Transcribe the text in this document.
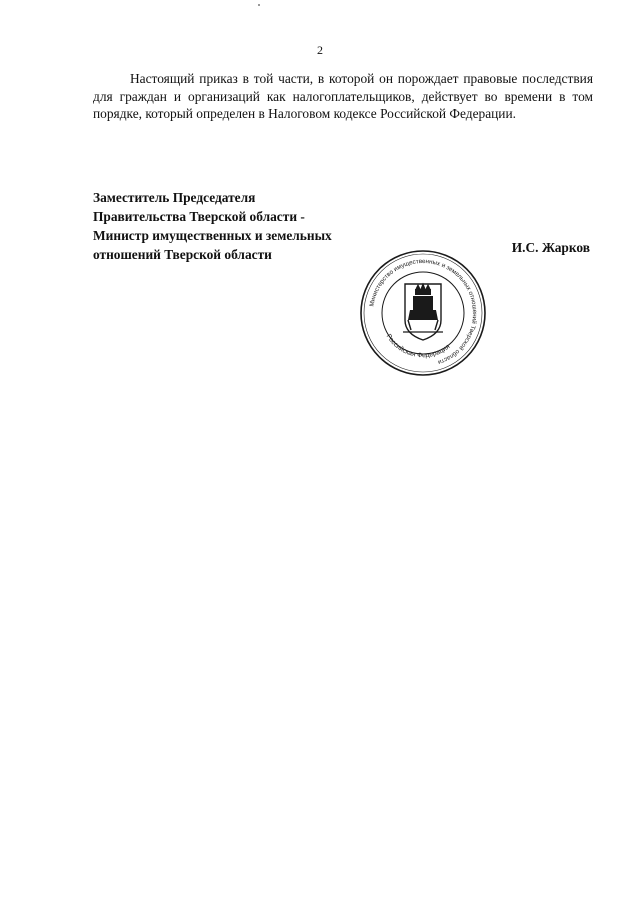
2

Настоящий приказ в той части, в которой он порождает правовые последствия для граждан и организаций как налогоплательщиков, действует во времени в том порядке, который определен в Налоговом кодексе Российской Федерации.

Заместитель Председателя
Правительства Тверской области -
Министр имущественных и земельных
отношений Тверской области	И.С. Жарков
Министерство имущественных и земельных отношений Тверской области
Российская Федерация
